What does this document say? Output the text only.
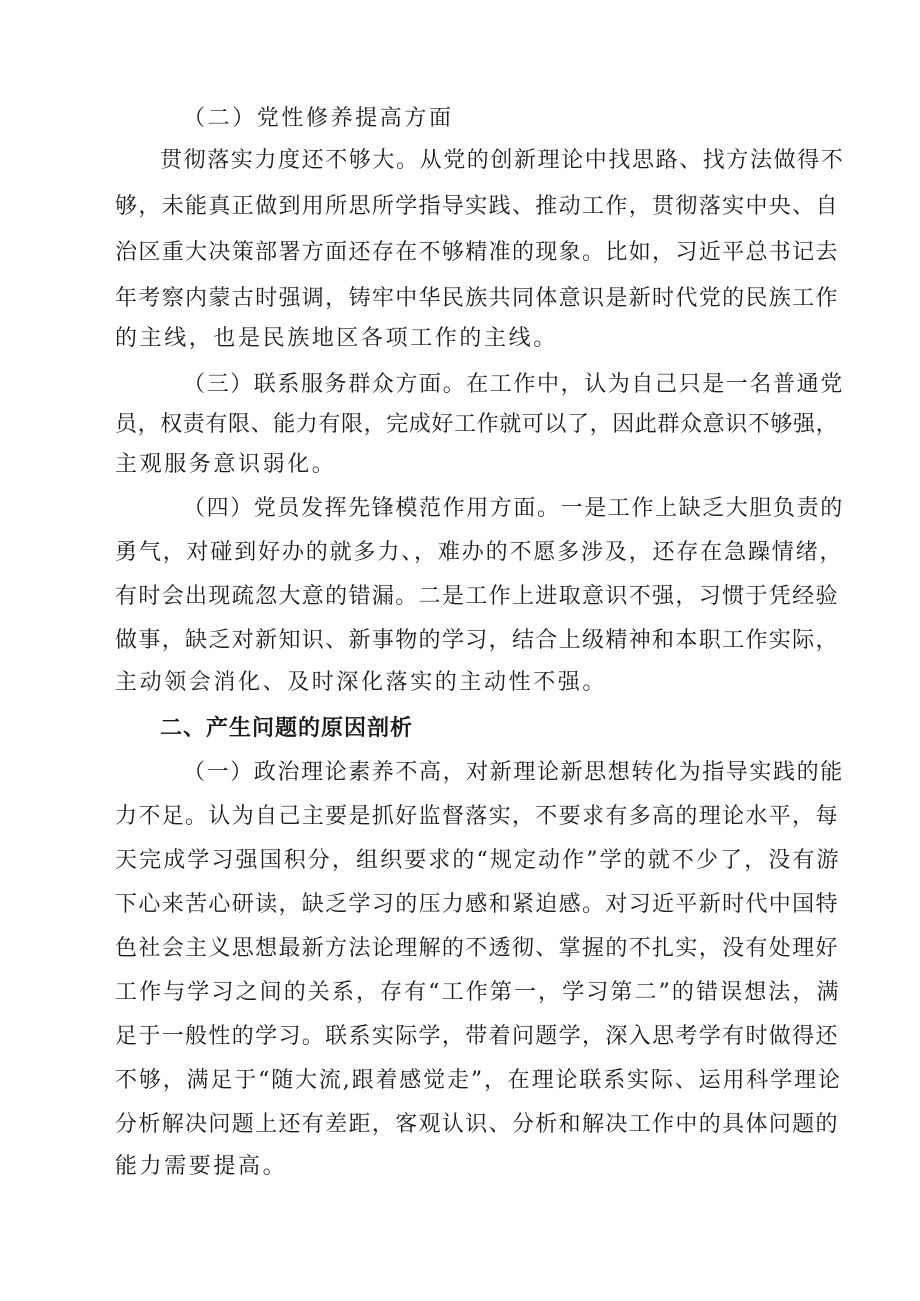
（二）党性修养提高方面
贯彻落实力度还不够大。从党的创新理论中找思路、找方法做得不
够，未能真正做到用所思所学指导实践、推动工作，贯彻落实中央、自
治区重大决策部署方面还存在不够精准的现象。比如，习近平总书记去
年考察内蒙古时强调，铸牢中华民族共同体意识是新时代党的民族工作
的主线，也是民族地区各项工作的主线。
（三）联系服务群众方面。在工作中，认为自己只是一名普通党
员，权责有限、能力有限，完成好工作就可以了，因此群众意识不够强，
主观服务意识弱化。
（四）党员发挥先锋模范作用方面。一是工作上缺乏大胆负责的
勇气，对碰到好办的就多力、，难办的不愿多涉及，还存在急躁情绪，
有时会出现疏忽大意的错漏。二是工作上进取意识不强，习惯于凭经验
做事，缺乏对新知识、新事物的学习，结合上级精神和本职工作实际，
主动领会消化、及时深化落实的主动性不强。
二、产生问题的原因剖析
（一）政治理论素养不高，对新理论新思想转化为指导实践的能
力不足。认为自己主要是抓好监督落实，不要求有多高的理论水平，每
天完成学习强国积分，组织要求的“规定动作”学的就不少了，没有游
下心来苦心研读，缺乏学习的压力感和紧迫感。对习近平新时代中国特
色社会主义思想最新方法论理解的不透彻、掌握的不扎实，没有处理好
工作与学习之间的关系，存有“工作第一，学习第二”的错误想法，满
足于一般性的学习。联系实际学，带着问题学，深入思考学有时做得还
不够，满足于“随大流,跟着感觉走”，在理论联系实际、运用科学理论
分析解决问题上还有差距，客观认识、分析和解决工作中的具体问题的
能力需要提高。
